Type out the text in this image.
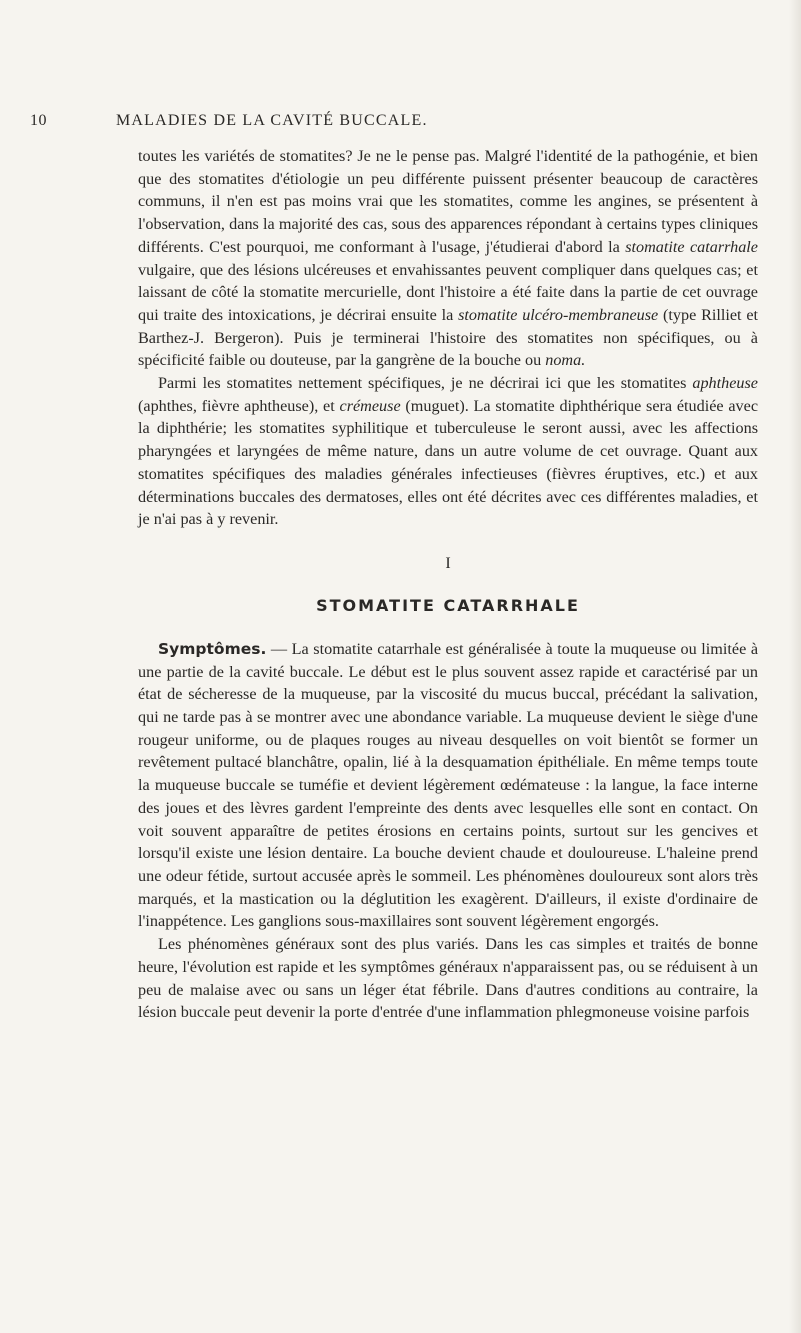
10	MALADIES DE LA CAVITÉ BUCCALE.

toutes les variétés de stomatites? Je ne le pense pas. Malgré l'identité de la pathogénie, et bien que des stomatites d'étiologie un peu différente puissent présenter beaucoup de caractères communs, il n'en est pas moins vrai que les stomatites, comme les angines, se présentent à l'observation, dans la majorité des cas, sous des apparences répondant à certains types cliniques différents. C'est pourquoi, me conformant à l'usage, j'étudierai d'abord la stomatite catarrhale vulgaire, que des lésions ulcéreuses et envahissantes peuvent compliquer dans quelques cas; et laissant de côté la stomatite mercurielle, dont l'histoire a été faite dans la partie de cet ouvrage qui traite des intoxications, je décrirai ensuite la stomatite ulcéro-membraneuse (type Rilliet et Barthez-J. Bergeron). Puis je terminerai l'histoire des stomatites non spécifiques, ou à spécificité faible ou douteuse, par la gangrène de la bouche ou noma.

Parmi les stomatites nettement spécifiques, je ne décrirai ici que les stomatites aphtheuse (aphthes, fièvre aphtheuse), et crémeuse (muguet). La stomatite diphthérique sera étudiée avec la diphthérie; les stomatites syphilitique et tuberculeuse le seront aussi, avec les affections pharyngées et laryngées de même nature, dans un autre volume de cet ouvrage. Quant aux stomatites spécifiques des maladies générales infectieuses (fièvres éruptives, etc.) et aux déterminations buccales des dermatoses, elles ont été décrites avec ces différentes maladies, et je n'ai pas à y revenir.

I
STOMATITE CATARRHALE

Symptômes. — La stomatite catarrhale est généralisée à toute la muqueuse ou limitée à une partie de la cavité buccale. Le début est le plus souvent assez rapide et caractérisé par un état de sécheresse de la muqueuse, par la viscosité du mucus buccal, précédant la salivation, qui ne tarde pas à se montrer avec une abondance variable. La muqueuse devient le siège d'une rougeur uniforme, ou de plaques rouges au niveau desquelles on voit bientôt se former un revêtement pultacé blanchâtre, opalin, lié à la desquamation épithéliale. En même temps toute la muqueuse buccale se tuméfie et devient légèrement œdémateuse : la langue, la face interne des joues et des lèvres gardent l'empreinte des dents avec lesquelles elle sont en contact. On voit souvent apparaître de petites érosions en certains points, surtout sur les gencives et lorsqu'il existe une lésion dentaire. La bouche devient chaude et douloureuse. L'haleine prend une odeur fétide, surtout accusée après le sommeil. Les phénomènes douloureux sont alors très marqués, et la mastication ou la déglutition les exagèrent. D'ailleurs, il existe d'ordinaire de l'inappétence. Les ganglions sous-maxillaires sont souvent légèrement engorgés.

Les phénomènes généraux sont des plus variés. Dans les cas simples et traités de bonne heure, l'évolution est rapide et les symptômes généraux n'apparaissent pas, ou se réduisent à un peu de malaise avec ou sans un léger état fébrile. Dans d'autres conditions au contraire, la lésion buccale peut devenir la porte d'entrée d'une inflammation phlegmoneuse voisine parfois
